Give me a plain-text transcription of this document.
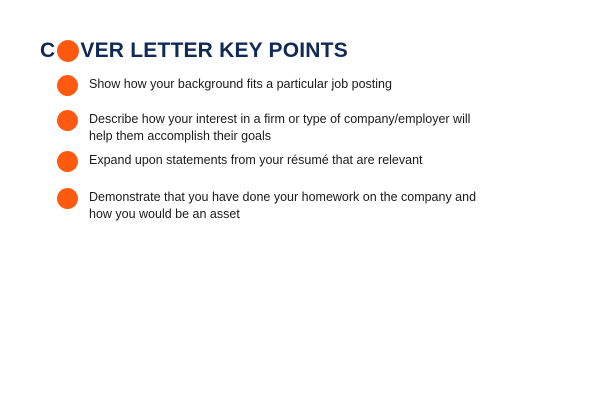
C VER LETTER KEY POINTS
Show how your background fits a particular job posting
Describe how your interest in a firm or type of company/employer will help them accomplish their goals
Expand upon statements from your résumé that are relevant
Demonstrate that you have done your homework on the company and how you would be an asset
